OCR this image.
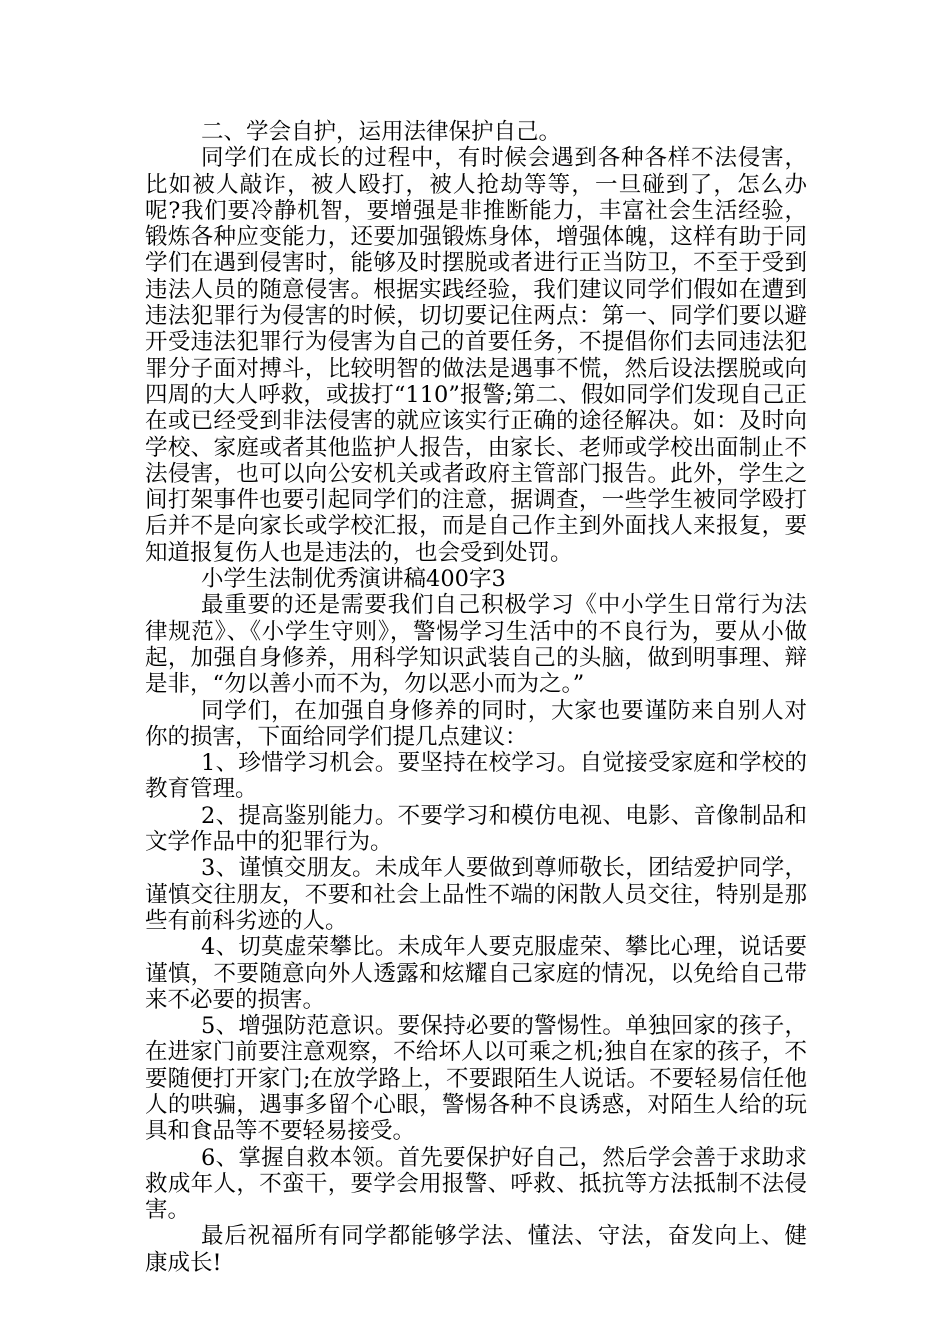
二、学会自护，运用法律保护自己。

同学们在成长的过程中，有时候会遇到各种各样不法侵害，比如被人敲诈，被人殴打，被人抢劫等等，一旦碰到了，怎么办呢?我们要冷静机智，要增强是非推断能力，丰富社会生活经验，锻炼各种应变能力，还要加强锻炼身体，增强体魄，这样有助于同学们在遇到侵害时，能够及时摆脱或者进行正当防卫，不至于受到违法人员的随意侵害。根据实践经验，我们建议同学们假如在遭到违法犯罪行为侵害的时候，切切要记住两点：第一、同学们要以避开受违法犯罪行为侵害为自己的首要任务，不提倡你们去同违法犯罪分子面对搏斗，比较明智的做法是遇事不慌，然后设法摆脱或向四周的大人呼救，或拔打“110”报警;第二、假如同学们发现自己正在或已经受到非法侵害的就应该实行正确的途径解决。如：及时向学校、家庭或者其他监护人报告，由家长、老师或学校出面制止不法侵害，也可以向公安机关或者政府主管部门报告。此外，学生之间打架事件也要引起同学们的注意，据调查，一些学生被同学殴打后并不是向家长或学校汇报，而是自己作主到外面找人来报复，要知道报复伤人也是违法的，也会受到处罚。

小学生法制优秀演讲稿400字3

最重要的还是需要我们自己积极学习《中小学生日常行为法律规范》、《小学生守则》，警惕学习生活中的不良行为，要从小做起，加强自身修养，用科学知识武装自己的头脑，做到明事理、辩是非，“勿以善小而不为，勿以恶小而为之。”

同学们，在加强自身修养的同时，大家也要谨防来自别人对你的损害，下面给同学们提几点建议：

1、珍惜学习机会。要坚持在校学习。自觉接受家庭和学校的教育管理。

2、提高鉴别能力。不要学习和模仿电视、电影、音像制品和文学作品中的犯罪行为。

3、谨慎交朋友。未成年人要做到尊师敬长，团结爱护同学，谨慎交往朋友，不要和社会上品性不端的闲散人员交往，特别是那些有前科劣迹的人。

4、切莫虚荣攀比。未成年人要克服虚荣、攀比心理，说话要谨慎，不要随意向外人透露和炫耀自己家庭的情况，以免给自己带来不必要的损害。

5、增强防范意识。要保持必要的警惕性。单独回家的孩子，在进家门前要注意观察，不给坏人以可乘之机;独自在家的孩子，不要随便打开家门;在放学路上，不要跟陌生人说话。不要轻易信任他人的哄骗，遇事多留个心眼，警惕各种不良诱惑，对陌生人给的玩具和食品等不要轻易接受。

6、掌握自救本领。首先要保护好自己，然后学会善于求助求救成年人，不蛮干，要学会用报警、呼救、抵抗等方法抵制不法侵害。

最后祝福所有同学都能够学法、懂法、守法，奋发向上、健康成长!
